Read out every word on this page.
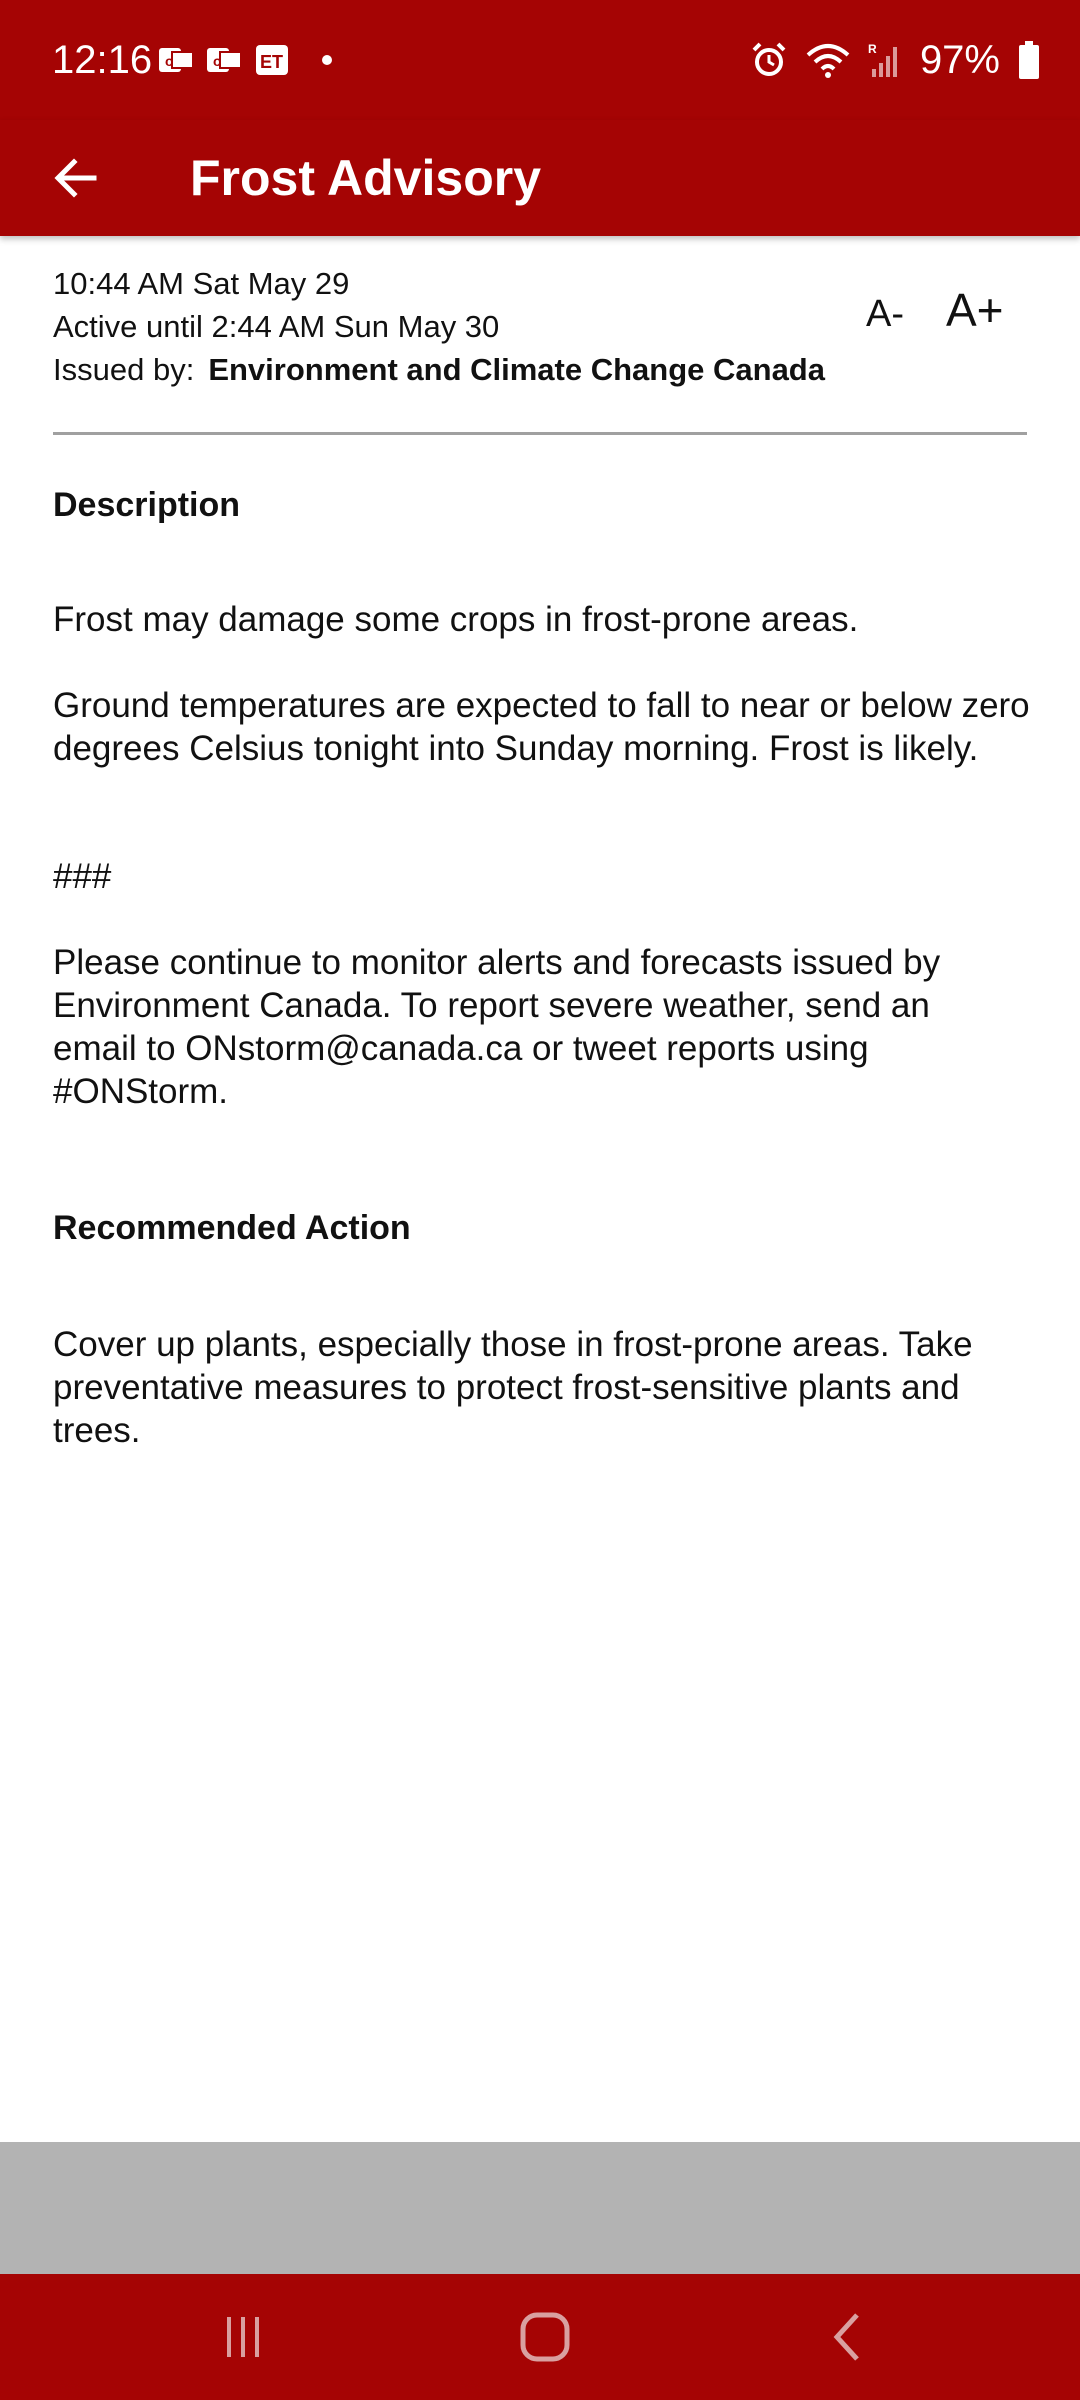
12:16 o	o ET
R 97%
Frost Advisory
10:44 AM Sat May 29
Active until 2:44 AM Sun May 30
Issued by: Environment and Climate Change Canada
A- A+
Description
Frost may damage some crops in frost-prone areas.
Ground temperatures are expected to fall to near or below zero degrees Celsius tonight into Sunday morning. Frost is likely.
###
Please continue to monitor alerts and forecasts issued by Environment Canada. To report severe weather, send an email to ONstorm@canada.ca or tweet reports using #ONStorm.
Recommended Action
Cover up plants, especially those in frost-prone areas. Take preventative measures to protect frost-sensitive plants and trees.
